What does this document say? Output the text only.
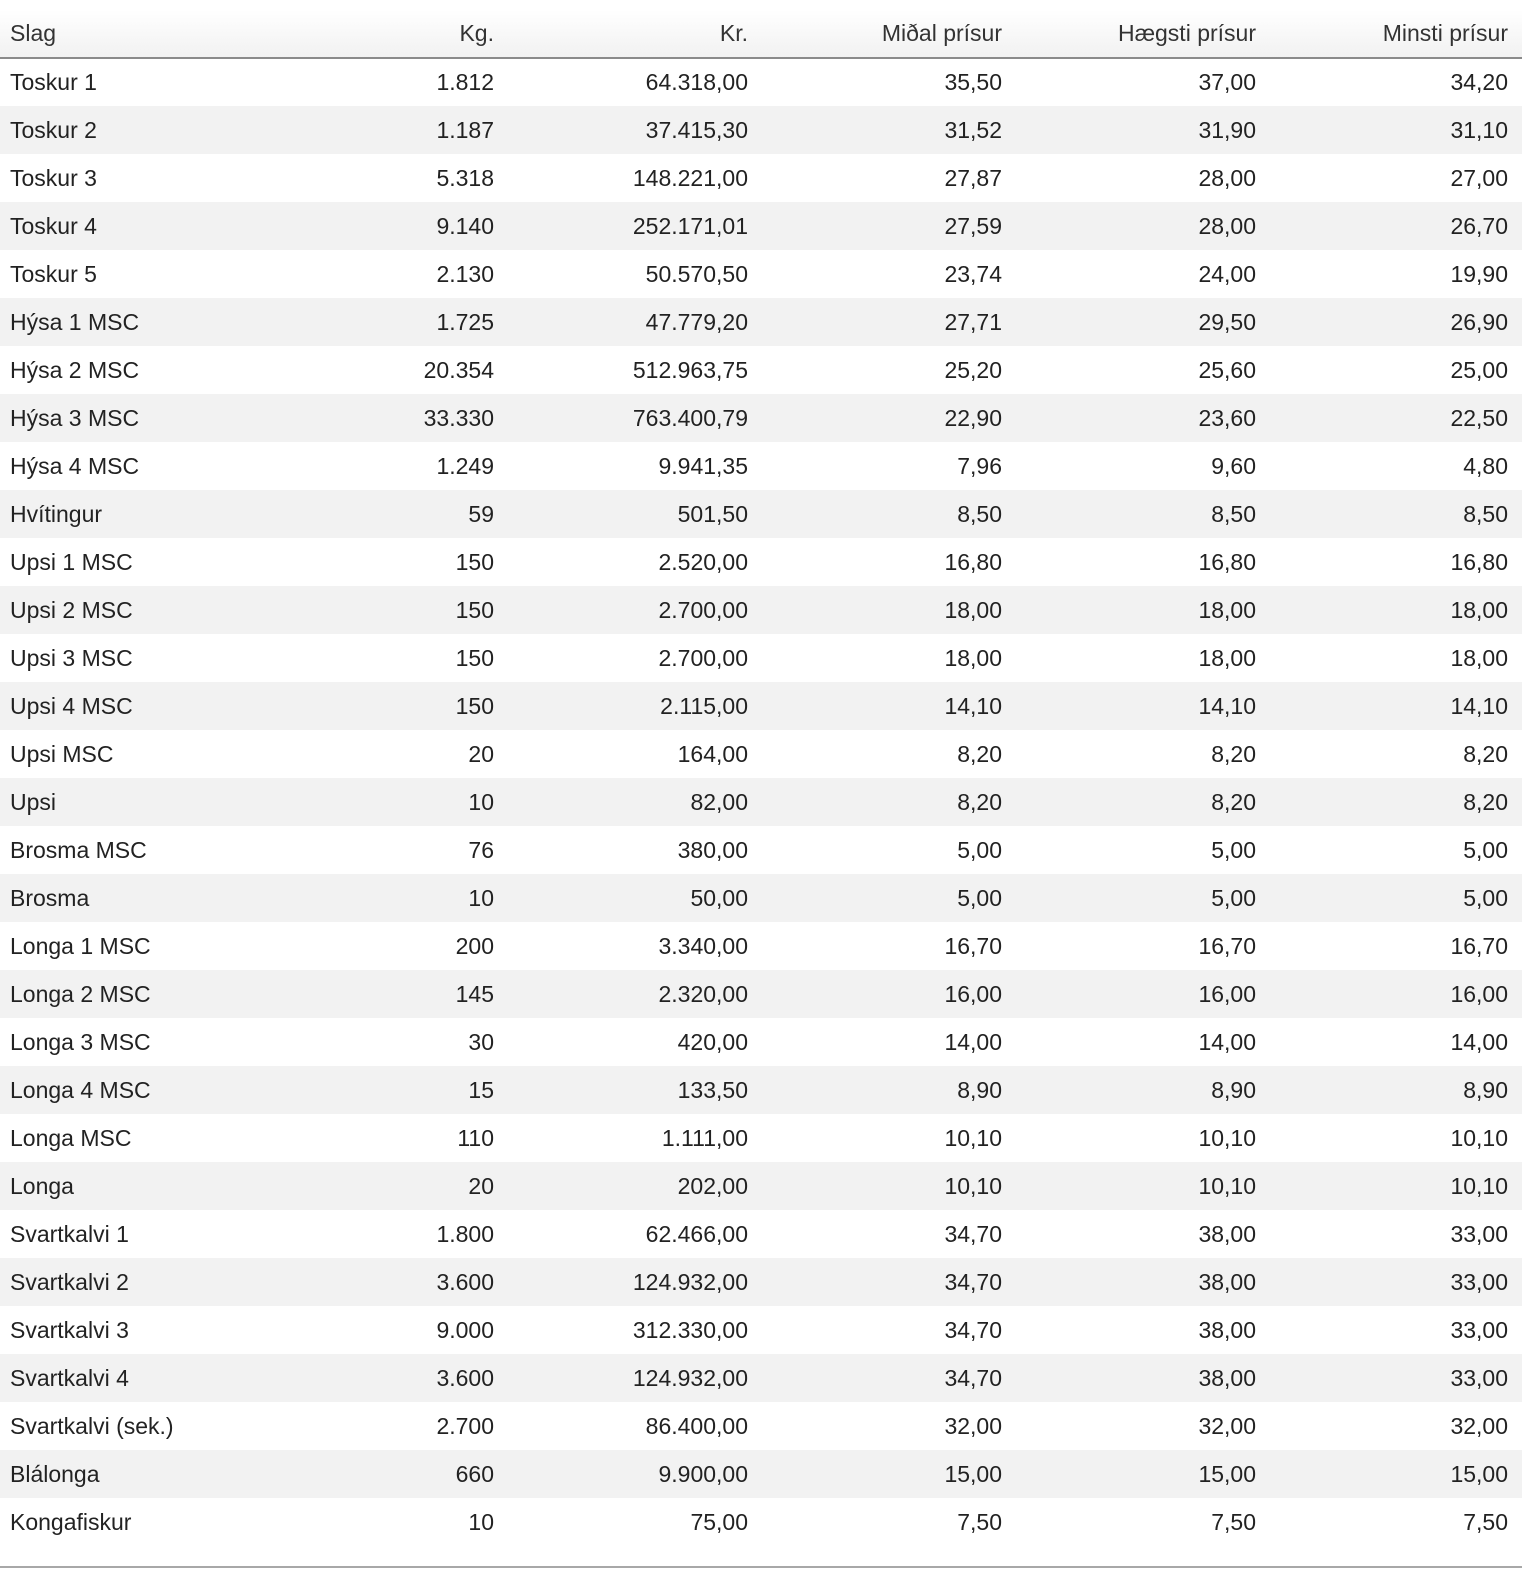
Slag	Kg.	Kr.	Miðal prísur	Hægsti prísur	Minsti prísur
Toskur 1	1.812	64.318,00	35,50	37,00	34,20
Toskur 2	1.187	37.415,30	31,52	31,90	31,10
Toskur 3	5.318	148.221,00	27,87	28,00	27,00
Toskur 4	9.140	252.171,01	27,59	28,00	26,70
Toskur 5	2.130	50.570,50	23,74	24,00	19,90
Hýsa 1 MSC	1.725	47.779,20	27,71	29,50	26,90
Hýsa 2 MSC	20.354	512.963,75	25,20	25,60	25,00
Hýsa 3 MSC	33.330	763.400,79	22,90	23,60	22,50
Hýsa 4 MSC	1.249	9.941,35	7,96	9,60	4,80
Hvítingur	59	501,50	8,50	8,50	8,50
Upsi 1 MSC	150	2.520,00	16,80	16,80	16,80
Upsi 2 MSC	150	2.700,00	18,00	18,00	18,00
Upsi 3 MSC	150	2.700,00	18,00	18,00	18,00
Upsi 4 MSC	150	2.115,00	14,10	14,10	14,10
Upsi MSC	20	164,00	8,20	8,20	8,20
Upsi	10	82,00	8,20	8,20	8,20
Brosma MSC	76	380,00	5,00	5,00	5,00
Brosma	10	50,00	5,00	5,00	5,00
Longa 1 MSC	200	3.340,00	16,70	16,70	16,70
Longa 2 MSC	145	2.320,00	16,00	16,00	16,00
Longa 3 MSC	30	420,00	14,00	14,00	14,00
Longa 4 MSC	15	133,50	8,90	8,90	8,90
Longa MSC	110	1.111,00	10,10	10,10	10,10
Longa	20	202,00	10,10	10,10	10,10
Svartkalvi 1	1.800	62.466,00	34,70	38,00	33,00
Svartkalvi 2	3.600	124.932,00	34,70	38,00	33,00
Svartkalvi 3	9.000	312.330,00	34,70	38,00	33,00
Svartkalvi 4	3.600	124.932,00	34,70	38,00	33,00
Svartkalvi (sek.)	2.700	86.400,00	32,00	32,00	32,00
Blálonga	660	9.900,00	15,00	15,00	15,00
Kongafiskur	10	75,00	7,50	7,50	7,50
